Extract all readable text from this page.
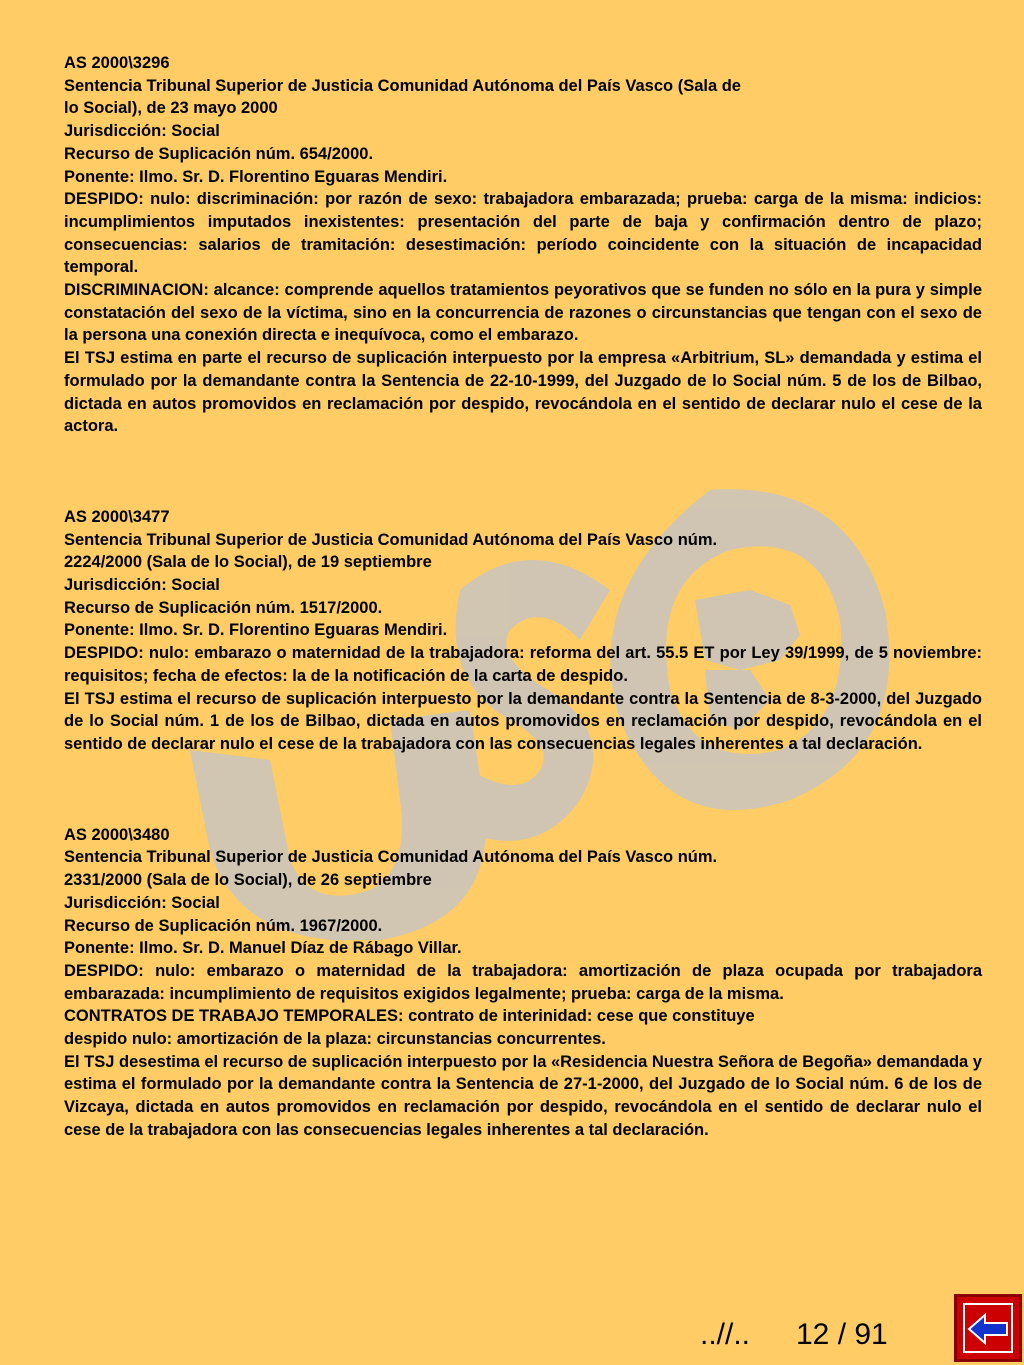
AS 2000\3296

Sentencia Tribunal Superior de Justicia Comunidad Autónoma del País Vasco (Sala de

lo Social), de 23 mayo 2000

Jurisdicción: Social

Recurso de Suplicación núm. 654/2000.

Ponente: Ilmo. Sr. D. Florentino Eguaras Mendiri.

DESPIDO: nulo: discriminación: por razón de sexo: trabajadora embarazada; prueba: carga de la misma: indicios: incumplimientos imputados inexistentes: presentación del parte de baja y confirmación dentro de plazo; consecuencias: salarios de tramitación: desestimación: período coincidente con la situación de incapacidad temporal.

DISCRIMINACION: alcance: comprende aquellos tratamientos peyorativos que se funden no sólo en la pura y simple constatación del sexo de la víctima, sino en la concurrencia de razones o circunstancias que tengan con el sexo de la persona una conexión directa e inequívoca, como el embarazo.

El TSJ estima en parte el recurso de suplicación interpuesto por la empresa «Arbitrium, SL» demandada y estima el formulado por la demandante contra la Sentencia de 22-10-1999, del Juzgado de lo Social núm. 5 de los de Bilbao, dictada en autos promovidos en reclamación por despido, revocándola en el sentido de declarar nulo el cese de la actora.

AS 2000\3477

Sentencia Tribunal Superior de Justicia Comunidad Autónoma del País Vasco núm.

2224/2000 (Sala de lo Social), de 19 septiembre

Jurisdicción: Social

Recurso de Suplicación núm. 1517/2000.

Ponente: Ilmo. Sr. D. Florentino Eguaras Mendiri.

DESPIDO: nulo: embarazo o maternidad de la trabajadora: reforma del art. 55.5 ET por Ley 39/1999, de 5 noviembre: requisitos; fecha de efectos: la de la notificación de la carta de despido.

El TSJ estima el recurso de suplicación interpuesto por la demandante contra la Sentencia de 8-3-2000, del Juzgado de lo Social núm. 1 de los de Bilbao, dictada en autos promovidos en reclamación por despido, revocándola en el sentido de declarar nulo el cese de la trabajadora con las consecuencias legales inherentes a tal declaración.

AS 2000\3480

Sentencia Tribunal Superior de Justicia Comunidad Autónoma del País Vasco núm.

2331/2000 (Sala de lo Social), de 26 septiembre

Jurisdicción: Social

Recurso de Suplicación núm. 1967/2000.

Ponente: Ilmo. Sr. D. Manuel Díaz de Rábago Villar.

DESPIDO: nulo: embarazo o maternidad de la trabajadora: amortización de plaza ocupada por trabajadora embarazada: incumplimiento de requisitos exigidos legalmente; prueba: carga de la misma.

CONTRATOS DE TRABAJO TEMPORALES: contrato de interinidad: cese que constituye

despido nulo: amortización de la plaza: circunstancias concurrentes.

El TSJ desestima el recurso de suplicación interpuesto por la «Residencia Nuestra Señora de Begoña» demandada y estima el formulado por la demandante contra la Sentencia de 27-1-2000, del Juzgado de lo Social núm. 6 de los de Vizcaya, dictada en autos promovidos en reclamación por despido, revocándola en el sentido de declarar nulo el cese de la trabajadora con las consecuencias legales inherentes a tal declaración.

..//.. 12 / 91
